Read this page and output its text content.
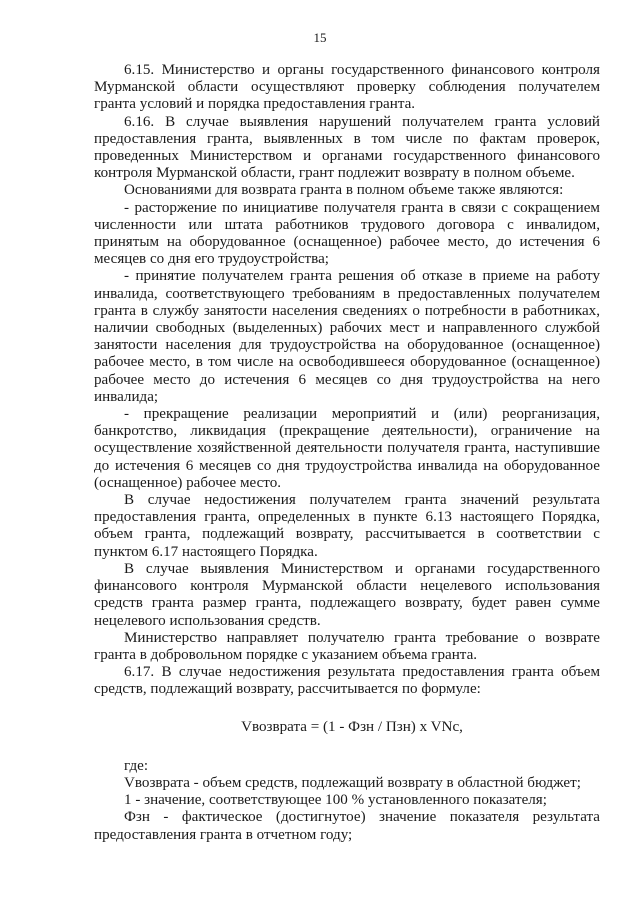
15

6.15. Министерство и органы государственного финансового контроля Мурманской области осуществляют проверку соблюдения получателем гранта условий и порядка предоставления гранта.

6.16. В случае выявления нарушений получателем гранта условий предоставления гранта, выявленных в том числе по фактам проверок, проведенных Министерством и органами государственного финансового контроля Мурманской области, грант подлежит возврату в полном объеме.

Основаниями для возврата гранта в полном объеме также являются:

- расторжение по инициативе получателя гранта в связи с сокращением численности или штата работников трудового договора с инвалидом, принятым на оборудованное (оснащенное) рабочее место, до истечения 6 месяцев со дня его трудоустройства;

- принятие получателем гранта решения об отказе в приеме на работу инвалида, соответствующего требованиям в предоставленных получателем гранта в службу занятости населения сведениях о потребности в работниках, наличии свободных (выделенных) рабочих мест и направленного службой занятости населения для трудоустройства на оборудованное (оснащенное) рабочее место, в том числе на освободившееся оборудованное (оснащенное) рабочее место до истечения 6 месяцев со дня трудоустройства на него инвалида;

- прекращение реализации мероприятий и (или) реорганизация, банкротство, ликвидация (прекращение деятельности), ограничение на осуществление хозяйственной деятельности получателя гранта, наступившие до истечения 6 месяцев со дня трудоустройства инвалида на оборудованное (оснащенное) рабочее место.

В случае недостижения получателем гранта значений результата предоставления гранта, определенных в пункте 6.13 настоящего Порядка, объем гранта, подлежащий возврату, рассчитывается в соответствии с пунктом 6.17 настоящего Порядка.

В случае выявления Министерством и органами государственного финансового контроля Мурманской области нецелевого использования средств гранта размер гранта, подлежащего возврату, будет равен сумме нецелевого использования средств.

Министерство направляет получателю гранта требование о возврате гранта в добровольном порядке с указанием объема гранта.

6.17. В случае недостижения результата предоставления гранта объем средств, подлежащий возврату, рассчитывается по формуле:

Vвозврата = (1 - Фзн / Пзн) x VNс,

где:

Vвозврата - объем средств, подлежащий возврату в областной бюджет;

1 - значение, соответствующее 100 % установленного показателя;

Фзн - фактическое (достигнутое) значение показателя результата предоставления гранта в отчетном году;
